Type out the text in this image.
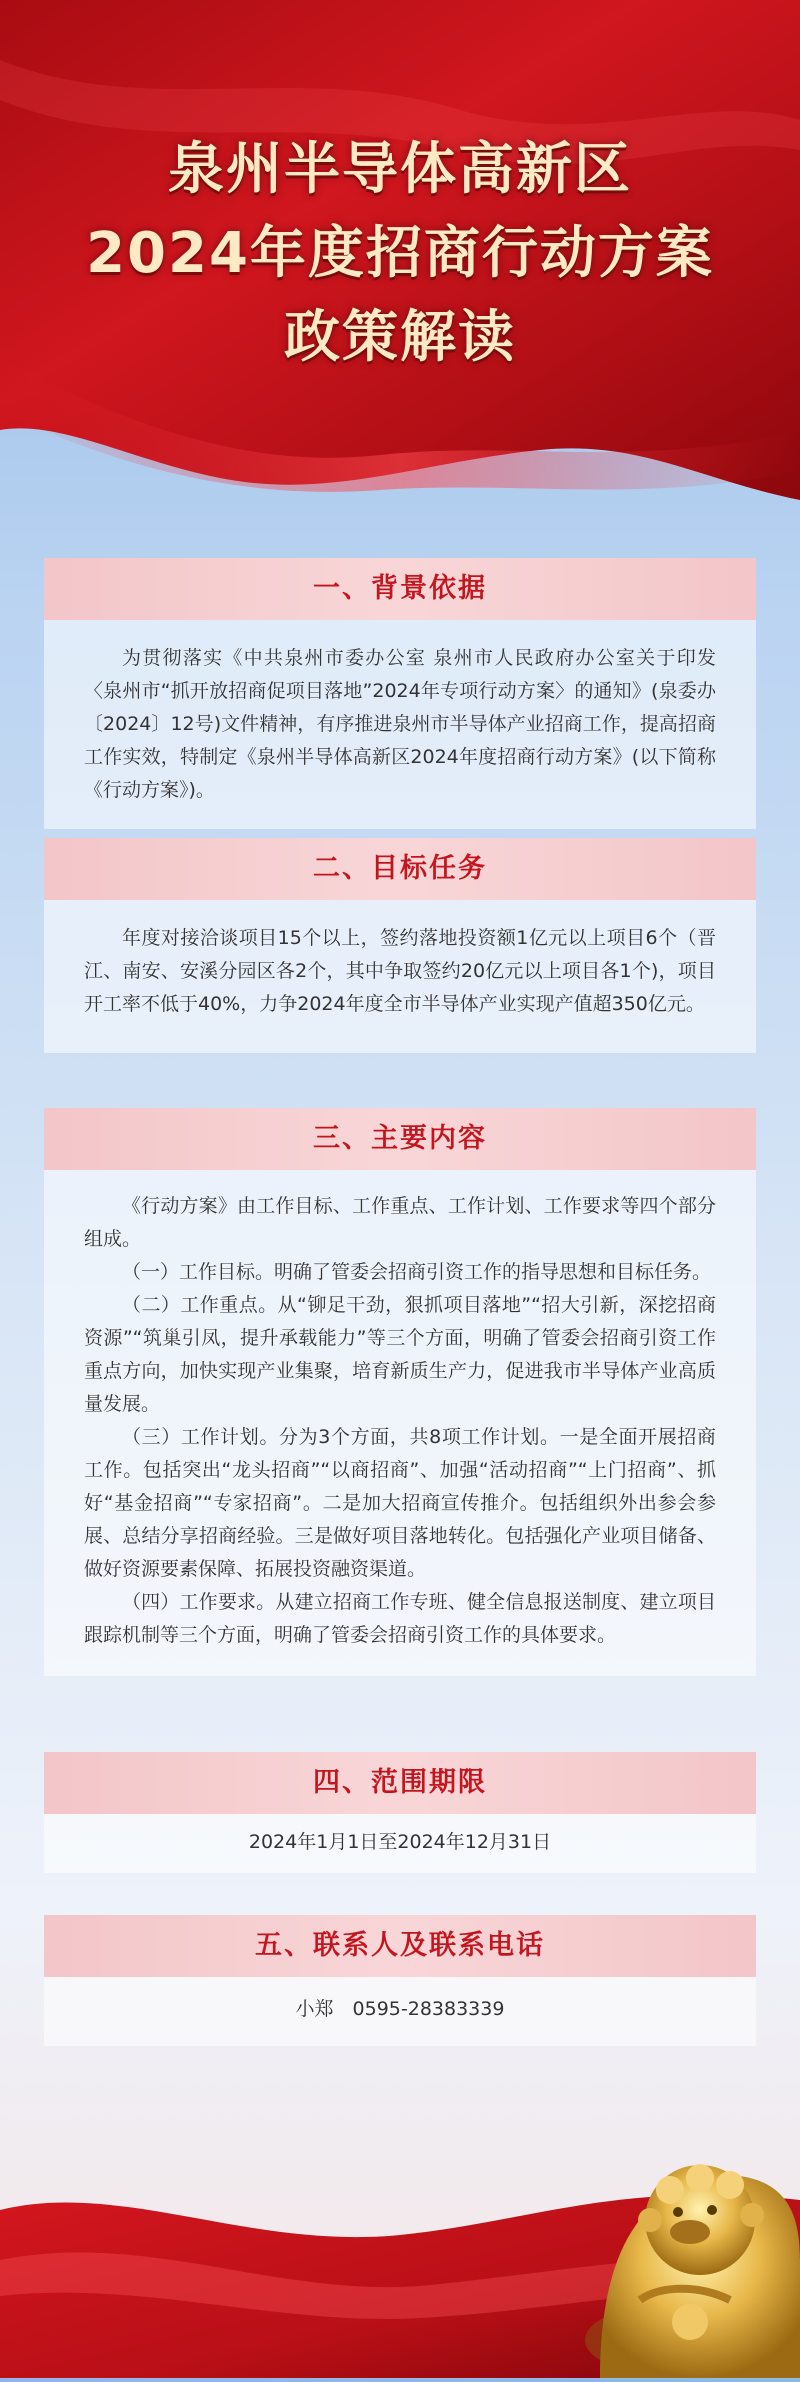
泉州半导体高新区
2024年度招商行动方案
政策解读
一、背景依据

为贯彻落实《中共泉州市委办公室 泉州市人民政府办公室关于印发〈泉州市“抓开放招商促项目落地”2024年专项行动方案〉的通知》(泉委办〔2024〕12号)文件精神，有序推进泉州市半导体产业招商工作，提高招商工作实效，特制定《泉州半导体高新区2024年度招商行动方案》(以下简称《行动方案》)。

二、目标任务

年度对接洽谈项目15个以上，签约落地投资额1亿元以上项目6个（晋江、南安、安溪分园区各2个，其中争取签约20亿元以上项目各1个)，项目开工率不低于40%，力争2024年度全市半导体产业实现产值超350亿元。

三、主要内容

《行动方案》由工作目标、工作重点、工作计划、工作要求等四个部分组成。

（一）工作目标。明确了管委会招商引资工作的指导思想和目标任务。

（二）工作重点。从“铆足干劲，狠抓项目落地”“招大引新，深挖招商资源”“筑巢引凤，提升承载能力”等三个方面，明确了管委会招商引资工作重点方向，加快实现产业集聚，培育新质生产力，促进我市半导体产业高质量发展。

（三）工作计划。分为3个方面，共8项工作计划。一是全面开展招商工作。包括突出“龙头招商”“以商招商”、加强“活动招商”“上门招商”、抓好“基金招商”“专家招商”。二是加大招商宣传推介。包括组织外出参会参展、总结分享招商经验。三是做好项目落地转化。包括强化产业项目储备、做好资源要素保障、拓展投资融资渠道。

（四）工作要求。从建立招商工作专班、健全信息报送制度、建立项目跟踪机制等三个方面，明确了管委会招商引资工作的具体要求。

四、范围期限

2024年1月1日至2024年12月31日

五、联系人及联系电话

小郑　0595-28383339
